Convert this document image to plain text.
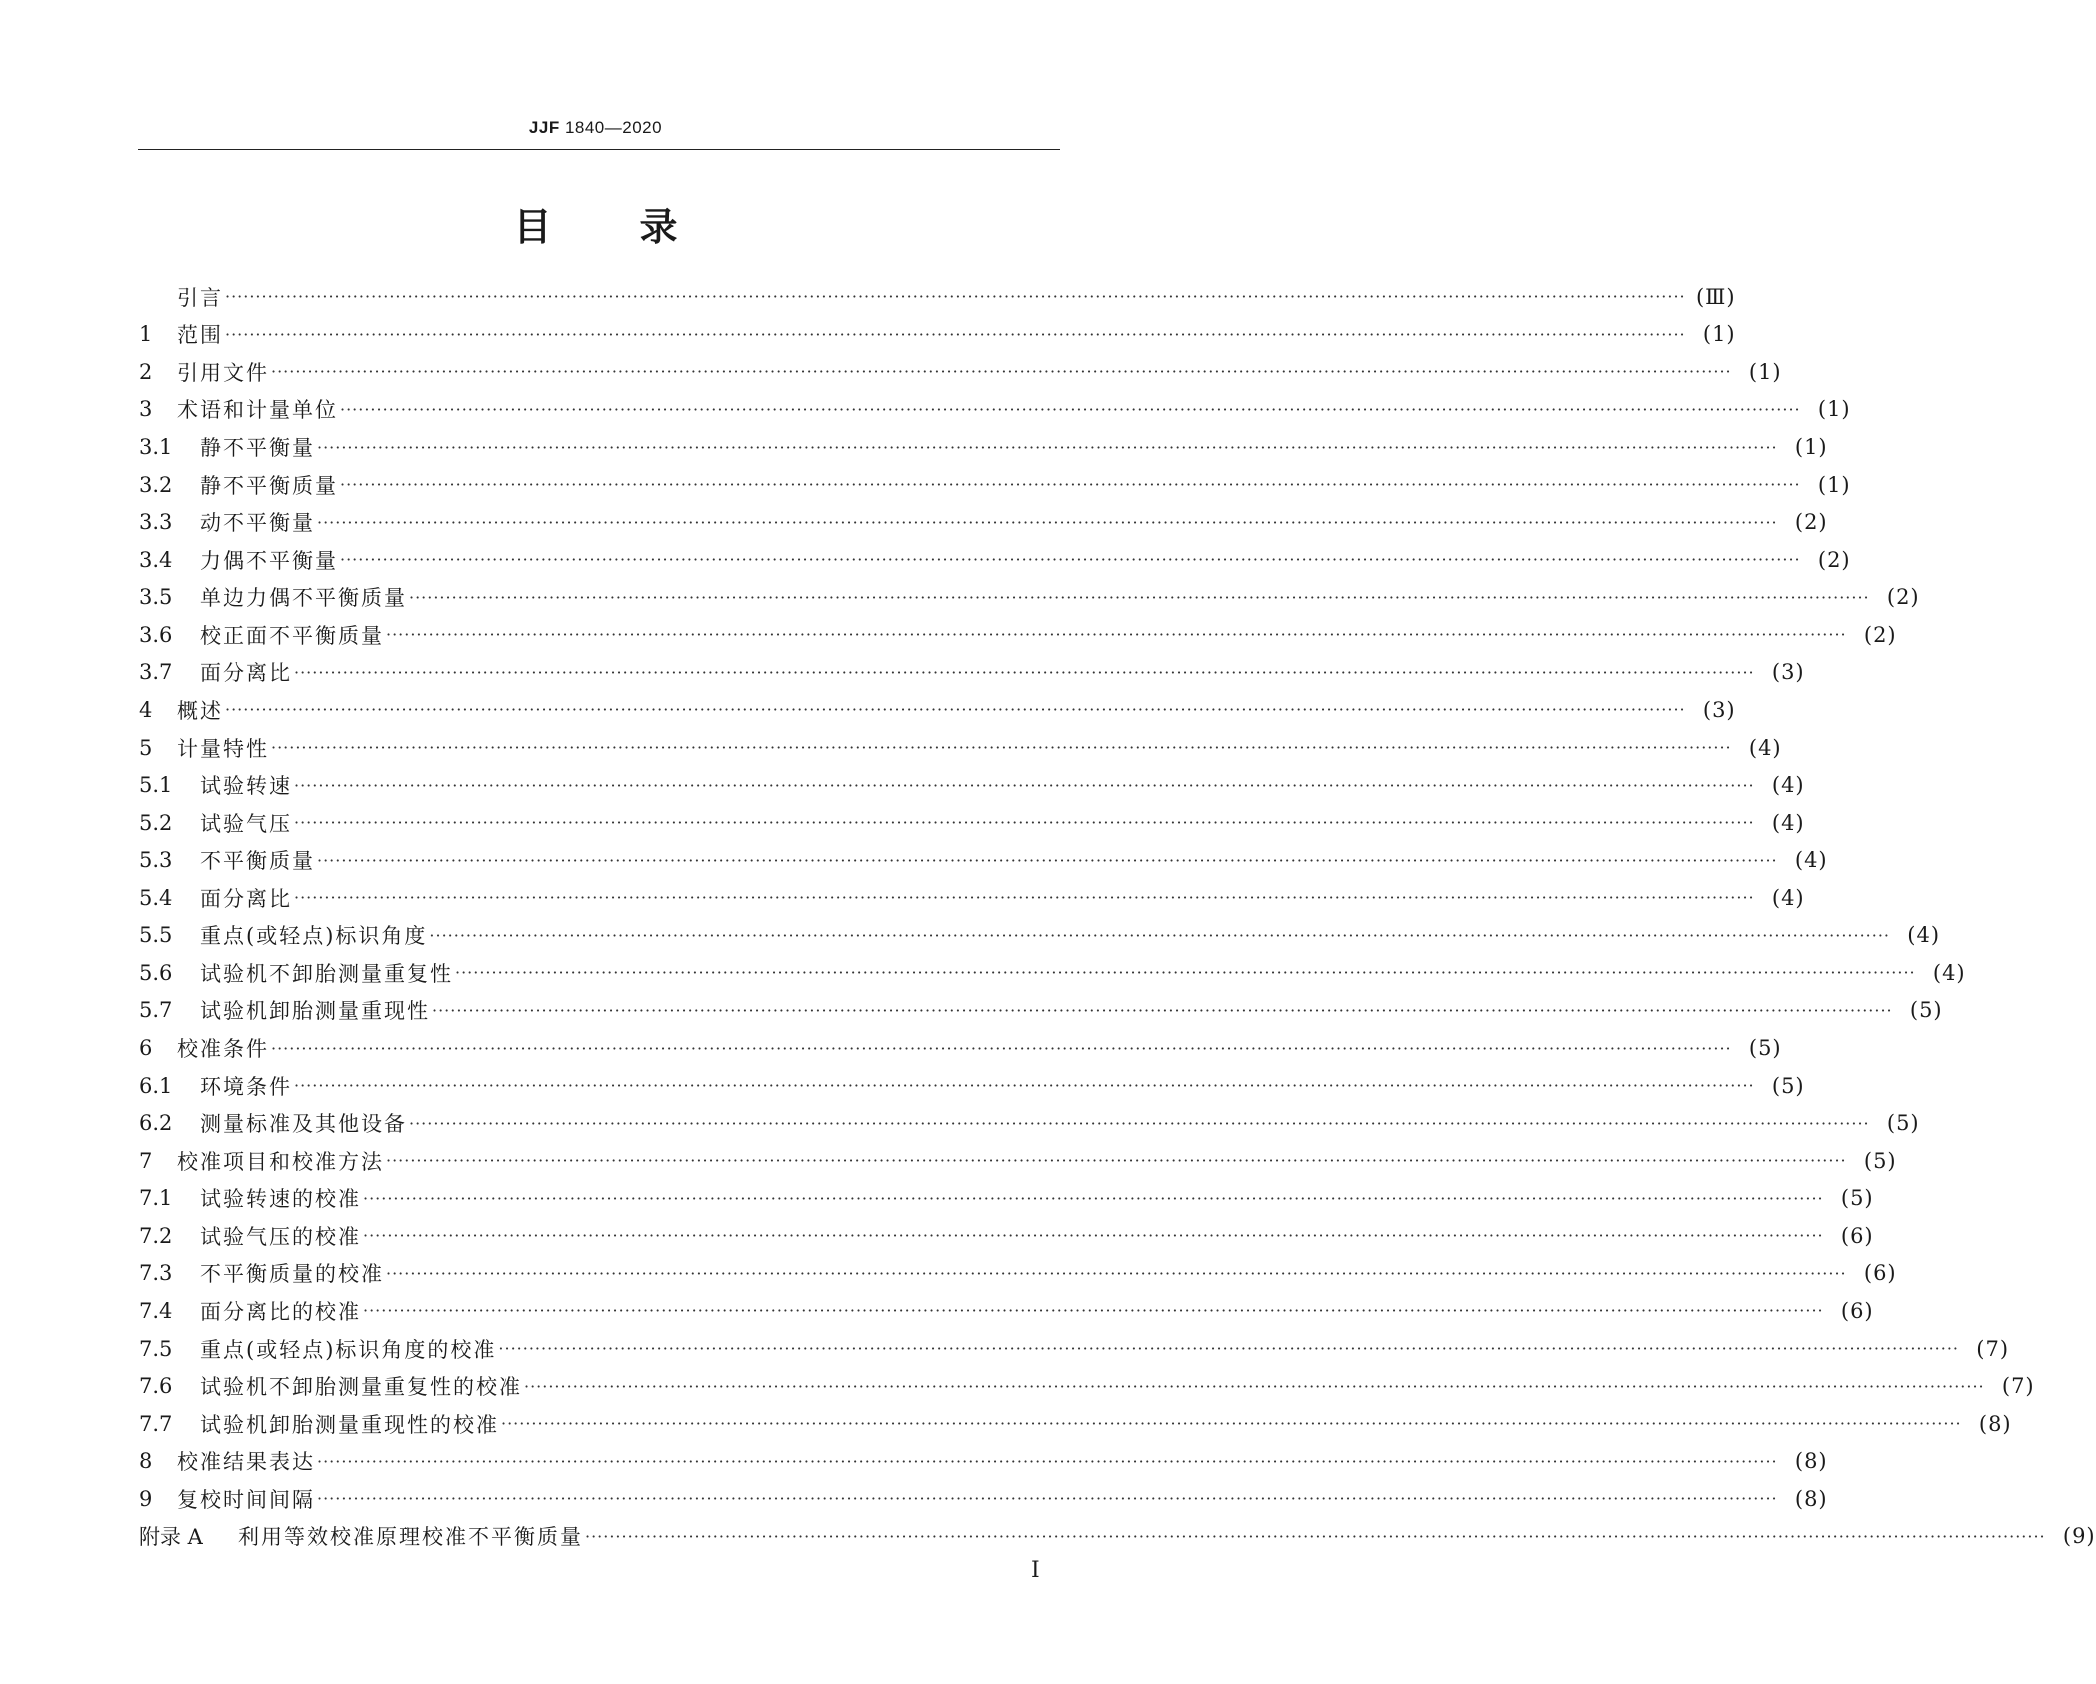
JJF 1840—2020
目 录
引言 ················································································································································································································································ (Ⅲ)
1	范围 ················································································································································································································································ (1)
2	引用文件 ················································································································································································································································ (1)
3	术语和计量单位 ················································································································································································································································ (1)
3.1	静不平衡量 ················································································································································································································································ (1)
3.2	静不平衡质量 ················································································································································································································································ (1)
3.3	动不平衡量 ················································································································································································································································ (2)
3.4	力偶不平衡量 ················································································································································································································································ (2)
3.5	单边力偶不平衡质量 ················································································································································································································································ (2)
3.6	校正面不平衡质量 ················································································································································································································································ (2)
3.7	面分离比 ················································································································································································································································ (3)
4	概述 ················································································································································································································································ (3)
5	计量特性 ················································································································································································································································ (4)
5.1	试验转速 ················································································································································································································································ (4)
5.2	试验气压 ················································································································································································································································ (4)
5.3	不平衡质量 ················································································································································································································································ (4)
5.4	面分离比 ················································································································································································································································ (4)
5.5	重点(或轻点)标识角度 ················································································································································································································································ (4)
5.6	试验机不卸胎测量重复性 ················································································································································································································································ (4)
5.7	试验机卸胎测量重现性 ················································································································································································································································ (5)
6	校准条件 ················································································································································································································································ (5)
6.1	环境条件 ················································································································································································································································ (5)
6.2	测量标准及其他设备 ················································································································································································································································ (5)
7	校准项目和校准方法 ················································································································································································································································ (5)
7.1	试验转速的校准 ················································································································································································································································ (5)
7.2	试验气压的校准 ················································································································································································································································ (6)
7.3	不平衡质量的校准 ················································································································································································································································ (6)
7.4	面分离比的校准 ················································································································································································································································ (6)
7.5	重点(或轻点)标识角度的校准 ················································································································································································································································ (7)
7.6	试验机不卸胎测量重复性的校准 ················································································································································································································································ (7)
7.7	试验机卸胎测量重现性的校准 ················································································································································································································································ (8)
8	校准结果表达 ················································································································································································································································ (8)
9	复校时间间隔 ················································································································································································································································ (8)
附录 A	利用等效校准原理校准不平衡质量 ················································································································································································································································ (9)
Ⅰ
